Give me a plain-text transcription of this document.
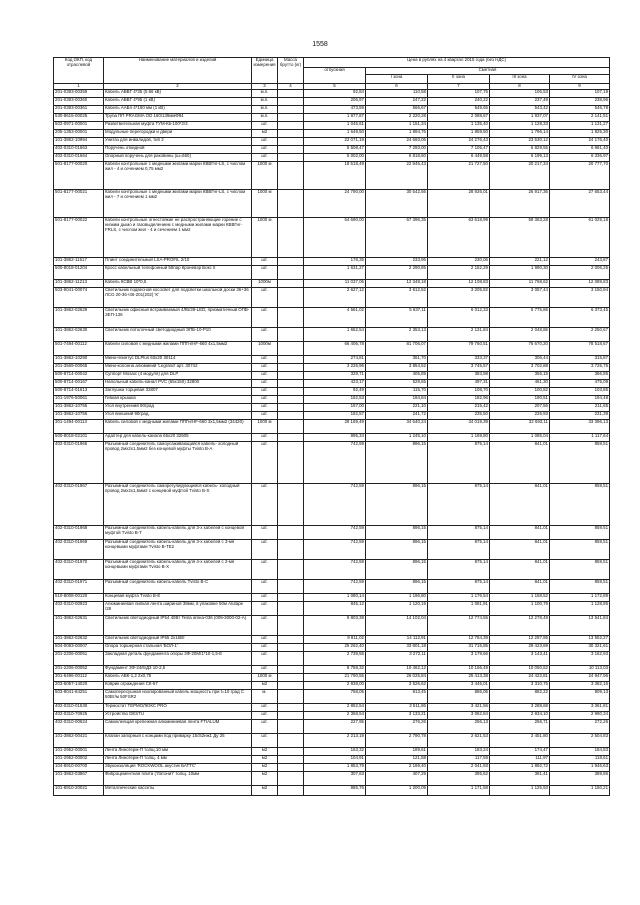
1558
Код ОКП, код отраслевой	Наименование материалов и изделий	Единица измерения	Масса брутто (кг)	Цена в рублях на 4 квартал 2015 года (без НДС)				
				отпускная	Сметная			
					I зона	II зона	III зона	IV зона
1	2	3	4	5	6	7	8	9
201-0393-00359	Кабель АВВГ 4*35 (0.66 кВ)	м.п.		92,84	110,58	107,75	106,53	107,19
201-0393-00360	Кабель АВВГ 4*95 (1 кВ)	м.п.		206,97	247,22	240,22	237,49	238,96
201-0393-00361	Кабель ААБл 4*150 мм (1 кВ)	м.п.		473,59	566,67	549,65	543,42	546,78
530-8615-00025	Труба ПП PRAGMA OD 160/139ммФ84	м.п.		1 877,87	2 220,28	2 088,67	1 937,07	2 141,51
502-0971-00001	Разветвительная муфта ТУМ-Кв-100*2/3	шт.		1 045,61	1 151,34	1 135,40	1 128,33	1 131,27
205-1353-00001	Модульные перегородки и двери	м2		1 649,50	1 894,76	1 859,50	1 796,14	1 825,30
101-3862-10994	Унитаз для инвалидов, тип 2	шт.		22 071,19	24 693,06	24 276,43	23 530,12	24 176,40
402-0310-01663	Поручень откидной	шт.		5 508,47	7 293,00	7 105,47	6 829,55	6 981,40
402-0310-01664	Опорный поручень для раковины (ш=660)	шт.		5 002,00	6 818,60	6 449,58	6 199,13	6 336,97
501-8177-00020	Кабели контрольные с медными жилами марки КВВГнг-LS, с числом жил - 4 и сечением 0,75 мм2	1000 м		18 518,49	22 945,43	21 727,50	20 217,34	20 777,70
501-8177-00021	Кабели контрольные с медными жилами марки КВВГнг-LS, с числом жил - 7 и сечением 1 мм2	1000 м		24 790,00	30 542,56	28 926,01	26 917,36	27 653,44
501-8177-00022	Кабели контрольные огнестойкие не распространяющие горение с низким дымо и газовыделением с медными жилами марки КВВГнг-FRLS, с числом жил - 4 и сечением 1 мм2	1000 м		54 690,00	67 396,35	63 618,99	59 363,28	61 029,18
101-3862-11617	Плинт соединительный LSA-PROFIL 2/10	шт.		178,35	233,96	230,06	221,12	243,87
500-8018-01204	Кросс кабельный телефонный 50пар Кроневэр Бокс II	шт.		1 631,27	2 290,85	2 152,29	1 990,30	2 006,25
101-3862-11213	Кабель КСВВ 10*0,5	1000м		11 037,06	12 348,18	12 108,83	11 768,62	12 089,83
503-9041-00074	Светильник подвесной кососвет для подсветки школьной доски 36+36 ЛСО 20-36+36-201(202) 'К'	шт.		2 627,12	3 612,52	3 205,82	3 057,44	3 150,94
101-3862-02629	Светильник офисный встраиваемый 4ЛБ/39-LED, призматичный ОПВ-ЗЕП-136	шт.		4 561,02	5 637,11	6 012,33	5 775,86	6 373,45
101-3862-02630	Светильник потолочный светодиодный ЭПБ-10-P10	шт.		1 652,54	2 353,13	2 131,84	2 048,86	2 250,67
501-7494-00112	Кабели силовой с медными жилами ППГнгНF-660 4х1,5мм2	1000м		66 406,78	81 706,07	79 760,51	76 670,20	78 518,67
101-3862-10290	Мини-плинтус DLPlus 60x20 30114	шт.		274,81	351,70	333,37	306,44	315,87
201-3569-00065	Мини-колонна алюминий 'Legrand' арт. 30742	шт.		3 226,96	3 854,52	3 745,57	3 702,88	3 725,75
500-8714-00042	Суппорт Mosaic (4 модуля) для DLP	шт.		329,71	405,89	383,98	356,15	366,85
500-8714-00167	Напольный кабель-канал PVC (65х150) 32800	шт.		423,17	529,65	497,31	461,30	475,09
500-8714-01613	Заглушка торцевая 32807	шт.		92,49	115,70	108,70	100,82	103,85
101-1976-50061	Гибкая крышка	шт.		162,53	194,84	182,96	190,51	194,48
101-3862-10755	Угол внутренний 90град	шт.		167,00	221,10	215,42	207,56	211,65
101-3862-10756	Угол внешний 90град.	шт.		182,57	241,72	235,50	226,93	231,39
301-1494-00113	Кабель силовой с медными жилами ППГнгНF-660 3х1,5мм2 (34420)	1000 м		29 169,49	34 640,24	34 019,39	32 693,11	33 396,13
500-8018-02101	Адаптер для кабель-канала 65х20 32605	шт.		995,34	1 245,10	1 169,80	1 085,04	1 117,64
402-0310-01966	Разъемный соединитель самоусаживающийся кабель- холодный провод 2мх2х1,5мм2 без концевой муфты Tvisto B-A	шт.		742,59	896,15	875,14	841,01	859,51
402-0310-01967	Разъемный соединитель саморегулирующийся кабель- холодный провод 2мх2х1,5мм2 с концевой муфтой Tvisto B-S	шт.		742,59	896,15	875,14	841,01	859,51
402-0310-01968	Разъемный соединитель кабель-кабель для 3-х кабелей с концевой муфтой Tvisto B-T	шт.		742,59	896,15	875,14	841,01	859,51
402-0310-01969	Разъемный соединитель кабель-кабель для 3-х кабелей с 3-мя концевыми муфтами Tvisto B-TE2	шт.		742,59	896,15	875,14	841,01	859,51
402-0310-01970	Разъемный соединитель кабель-кабель для 4-х кабелей с 2-мя концевыми муфтами Tvisto B-X	шт.		742,59	896,15	875,14	841,01	859,51
402-0310-01971	Разъемный соединитель кабель-кабель Tvisto B-C	шт.		742,59	896,15	875,14	841,01	859,51
510-8008-00120	Концевая муфта Tvisto B-E	шт.		1 080,14	1 196,80	1 176,54	1 158,52	1 172,89
402-0310-00923	Алюминиевая липкая лента шириной 38мм, в упаковке 50м Alutape /28	шт.		845,12	1 120,19	1 081,91	1 100,79	1 128,85
101-3862-02631	Светильник светодиодный IP54 40Вт Tesla amнa-036 (009-3000-02-А)	шт.		9 803,39	14 102,04	12 774,55	12 278,49	13 541,84
101-3862-02632	Светильник светодиодный IP65 2х16Вт	шт.		9 811,02	14 112,91	12 784,39	12 287,95	13 552,27
504-0083-00007	Опора торшерная стальная 'БОЛ-1'	шт.		25 262,40	33 801,18	31 715,85	29 423,69	30 321,61
201-2206-00051	Закладная деталь фундамента опоры 3Ф-20М/1*10-1,5-Е	шт.		2 739,55	3 272,11	3 179,66	3 143,41	3 162,93
201-2206-00052	Фундамент 3Ф-24/6/Д3 10-2,5	шт.		8 759,32	10 462,12	10 166,49	10 050,62	10 113,03
301-6496-00112	Кабель АВК-1,2 2х0,75	1000 м		21 790,55	26 025,84	25 413,38	24 422,81	24 947,96
203-6057-14020	Коврик ограждения СК-67	м2		2 938,00	3 526,62	3 445,01	3 310,75	3 382,16
503-8041-84251	Самопересушная изолированный кабель мощность при t=10 град С 50Вт/м 50FSR2	м.		758,05	913,45	886,05	882,22	909,13
402-0310-01530	Термостат ТЕРМОЛЮКС PRO	шт.		2 852,54	3 511,86	3 421,56	3 288,68	3 361,81
402-0310-70925	Устройство DESTU	шт.		2 368,54	3 133,21	3 062,84	2 934,10	2 990,34
402-0310-00624	Самоклеящая крепежная алюминиевая лента FTIALUM	шт.		227,95	276,26	256,13	256,71	272,26
101-3862-00421	Клапан запорный с концами под приварку 15с52нж1 Ду 25	шт.		2 213,19	2 790,78	2 621,53	2 451,80	2 504,83
101-2952-00001	Лента Линотерм-П толщ.10 мм	м2		163,32	189,61	183,24	174,47	184,83
101-2952-00002	Лента Линотерм-П толщ. 4 мм	м2		104,91	121,58	117,59	111,97	118,61
104-8910-00700	Звукоизоляция 'ROCKWOOL акустик БАТТС'	м2		1 853,79	2 169,40	2 041,93	1 892,72	1 946,63
101-3862-03867	Фиброцементная плита ('Латонит' толщ. 10мм	м2		307,63	407,29	395,62	381,41	389,86
101-8910-20021	Металлические кассеты	м2		985,76	1 200,09	1 171,58	1 125,93	1 150,21
